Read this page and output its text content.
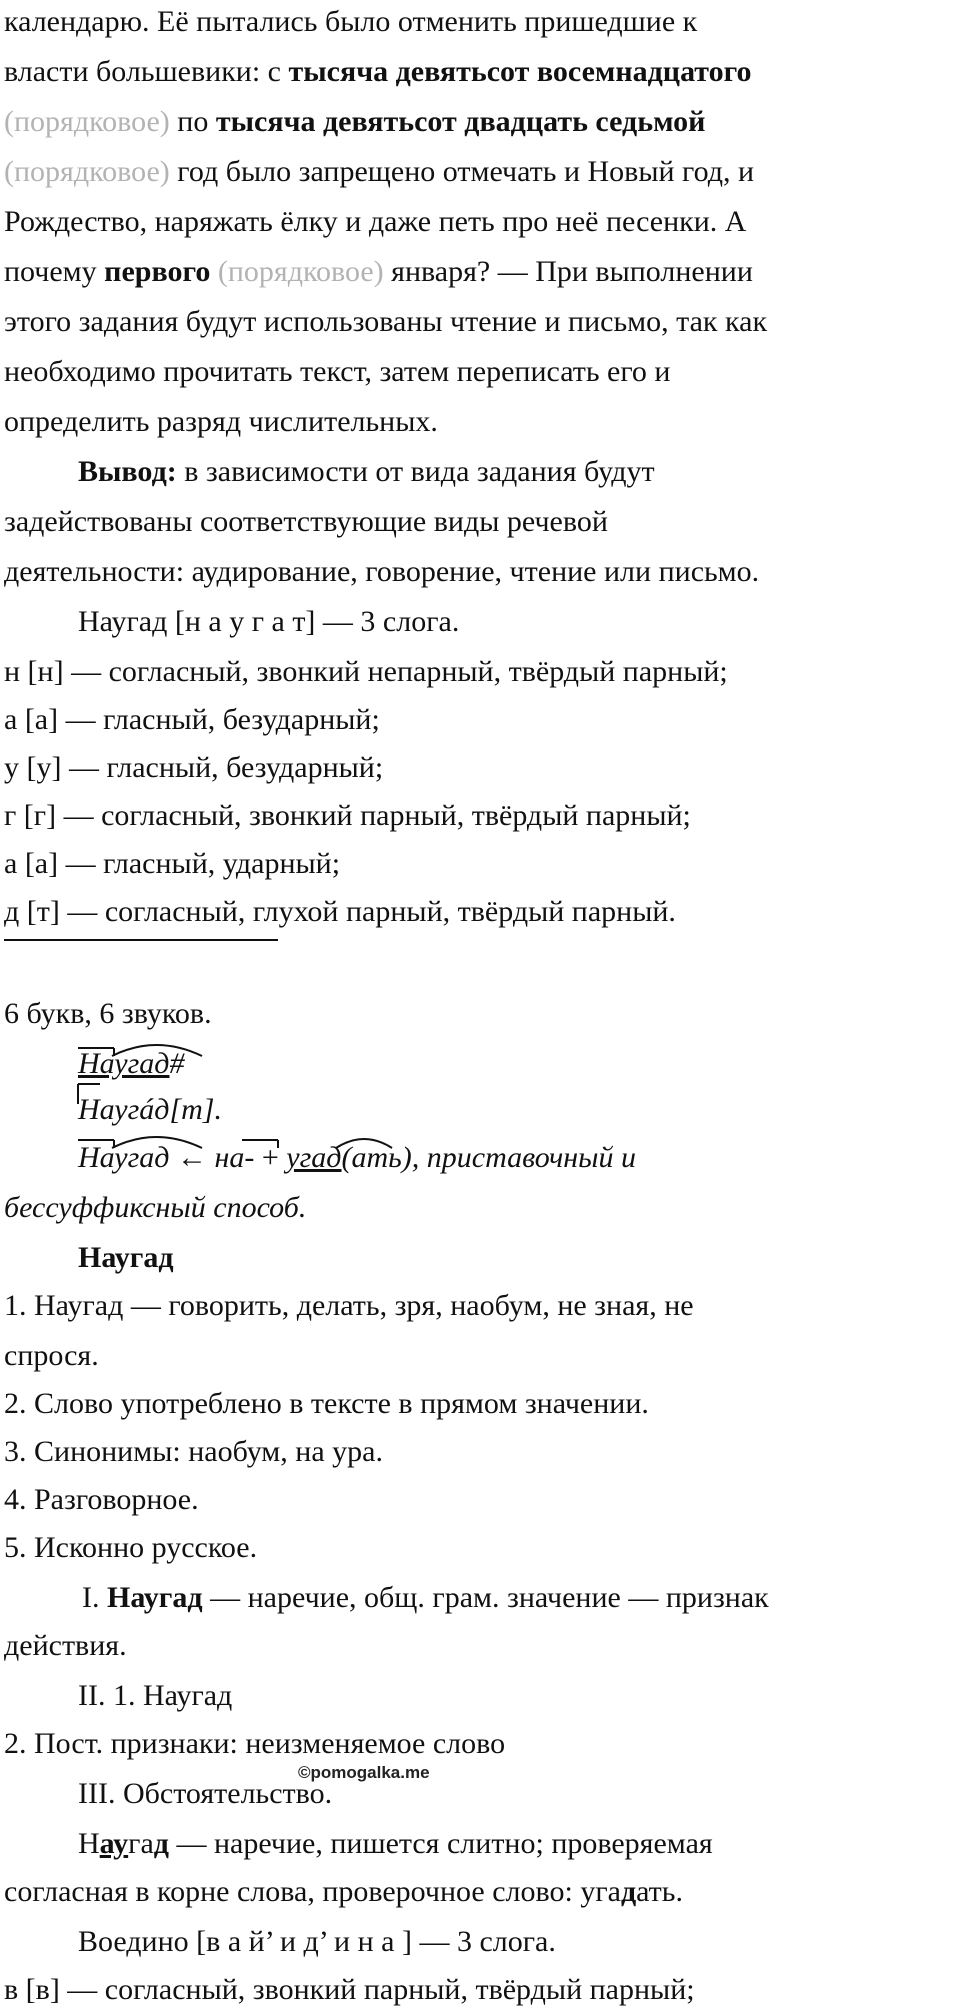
календарю. Её пытались было отменить пришедшие к

власти большевики: с тысяча девятьсот восемнадцатого

(порядковое) по тысяча девятьсот двадцать седьмой

(порядковое) год было запрещено отмечать и Новый год, и

Рождество, наряжать ёлку и даже петь про неё песенки. А

почему первого (порядковое) января? — При выполнении

этого задания будут использованы чтение и письмо, так как

необходимо прочитать текст, затем переписать его и

определить разряд числительных.

Вывод: в зависимости от вида задания будут

задействованы соответствующие виды речевой

деятельности: аудирование, говорение, чтение или письмо.

Наугад [н а у г а т] — 3 слога.

н [н] — согласный, звонкий непарный, твёрдый парный;

а [а] — гласный, безударный;

у [у] — гласный, безударный;

г [г] — согласный, звонкий парный, твёрдый парный;

а [а] — гласный, ударный;

д [т] — согласный, глухой парный, твёрдый парный.

6 букв, 6 звуков.

Наугад#

Наугáд[т].

Наугад ← на- + угад(ать), приставочный и

бессуффиксный способ.

Наугад

1. Наугад — говорить, делать, зря, наобум, не зная, не

спрося.

2. Слово употреблено в тексте в прямом значении.

3. Синонимы: наобум, на ура.

4. Разговорное.

5. Исконно русское.

I. Наугад — наречие, общ. грам. значение — признак

действия.

II. 1. Наугад

2. Пост. признаки: неизменяемое слово

III. Обстоятельство.

©pomogalka.me

Наугад — наречие, пишется слитно; проверяемая

согласная в корне слова, проверочное слово: угадать.

Воедино [в а й’ и д’ и н а ] — 3 слога.

в [в] — согласный, звонкий парный, твёрдый парный;
